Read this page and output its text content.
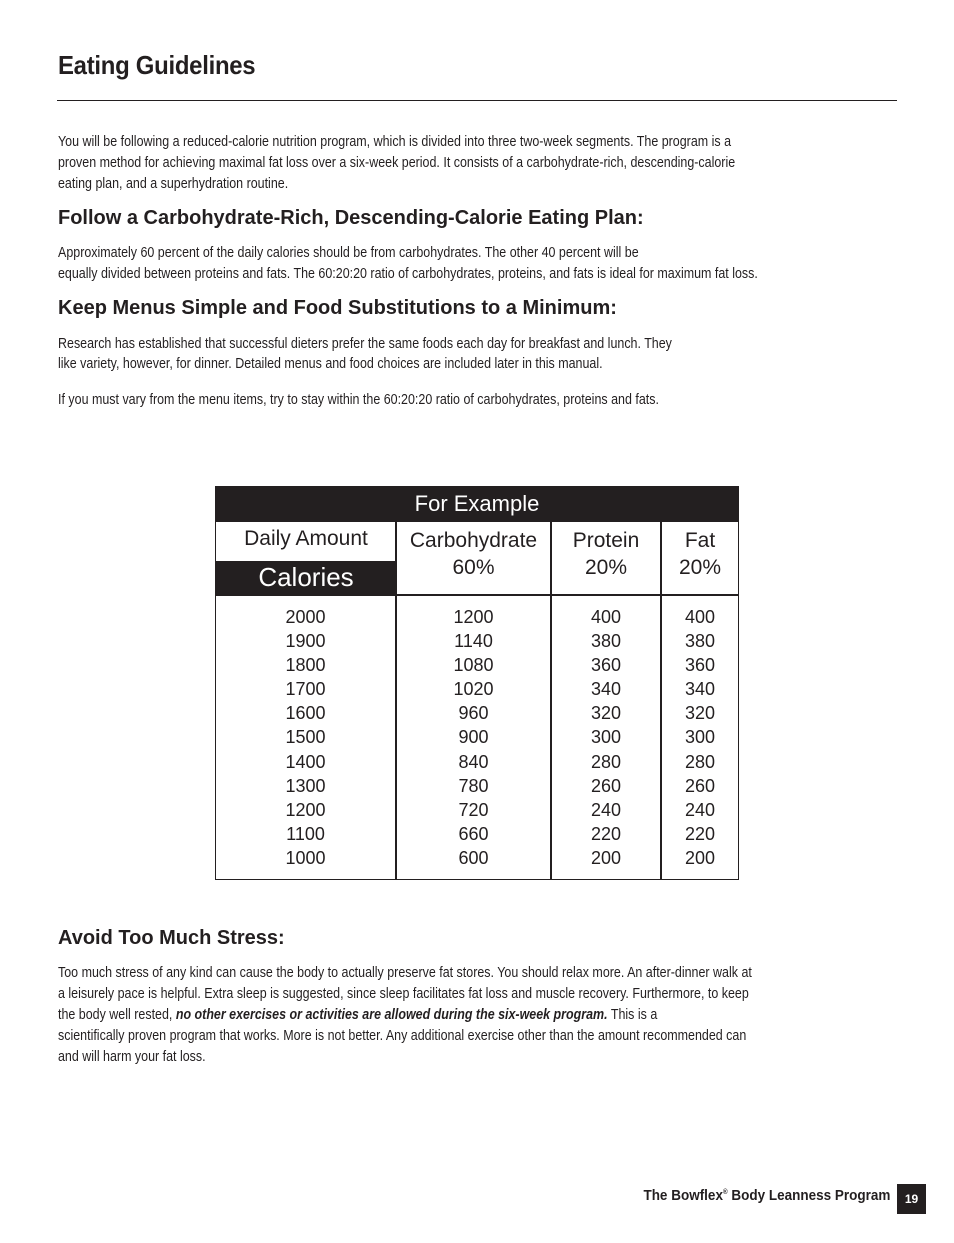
Eating Guidelines

You will be following a reduced-calorie nutrition program, which is divided into three two-week segments. The program is a

proven method for achieving maximal fat loss over a six-week period. It consists of a carbohydrate-rich, descending-calorie

eating plan, and a superhydration routine.

Follow a Carbohydrate-Rich, Descending-Calorie Eating Plan:

Approximately 60 percent of the daily calories should be from carbohydrates. The other 40 percent will be

equally divided between proteins and fats. The 60:20:20 ratio of carbohydrates, proteins, and fats is ideal for maximum fat loss.

Keep Menus Simple and Food Substitutions to a Minimum:

Research has established that successful dieters prefer the same foods each day for breakfast and lunch. They

like variety, however, for dinner. Detailed menus and food choices are included later in this manual.

If you must vary from the menu items, try to stay within the 60:20:20 ratio of carbohydrates, proteins and fats.

For Example
Daily Amount
Calories
Carbohydrate
60%
Protein
20%
Fat
20%
2000
1900
1800
1700
1600
1500
1400
1300
1200
1100
1000
1200
1140
1080
1020
960
900
840
780
720
660
600
400
380
360
340
320
300
280
260
240
220
200
400
380
360
340
320
300
280
260
240
220
200
Avoid Too Much Stress:

Too much stress of any kind can cause the body to actually preserve fat stores. You should relax more. An after-dinner walk at

a leisurely pace is helpful. Extra sleep is suggested, since sleep facilitates fat loss and muscle recovery. Furthermore, to keep

the body well rested, no other exercises or activities are allowed during the six-week program. This is a

scientifically proven program that works. More is not better. Any additional exercise other than the amount recommended can

and will harm your fat loss.

The Bowflex® Body Leanness Program	19
